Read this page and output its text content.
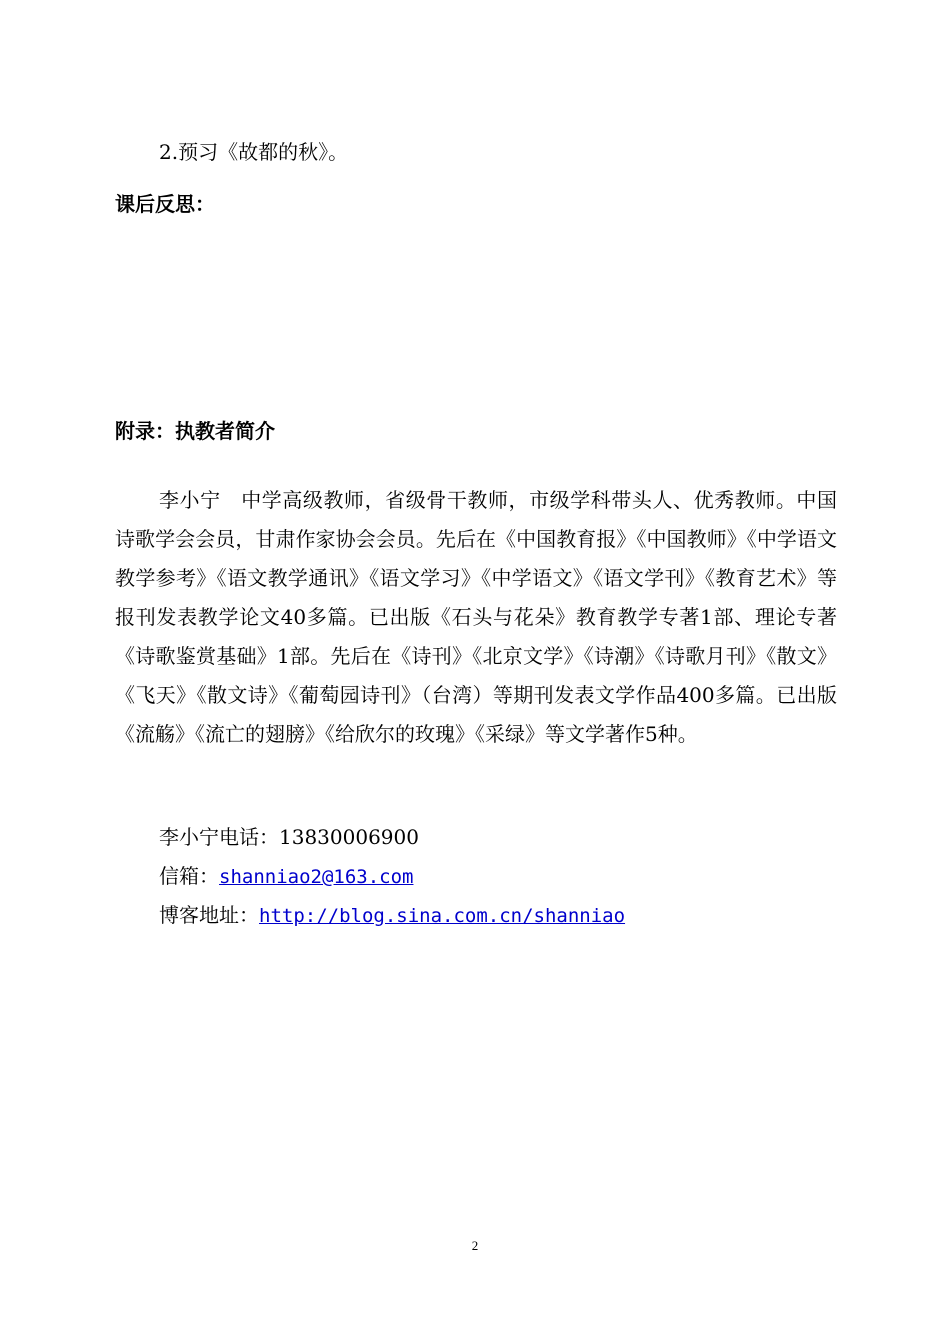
2.预习《故都的秋》。
课后反思：
附录：执教者简介

李小宁　中学高级教师，省级骨干教师，市级学科带头人、优秀教师。中国诗歌学会会员，甘肃作家协会会员。先后在《中国教育报》《中国教师》《中学语文教学参考》《语文教学通讯》《语文学习》《中学语文》《语文学刊》《教育艺术》等报刊发表教学论文40多篇。已出版《石头与花朵》教育教学专著1部、理论专著《诗歌鉴赏基础》1部。先后在《诗刊》《北京文学》《诗潮》《诗歌月刊》《散文》《飞天》《散文诗》《葡萄园诗刊》（台湾）等期刊发表文学作品400多篇。已出版《流觞》《流亡的翅膀》《给欣尔的玫瑰》《采绿》等文学著作5种。

李小宁电话：13830006900
信箱：shanniao2@163.com
博客地址：http://blog.sina.com.cn/shanniao
2
